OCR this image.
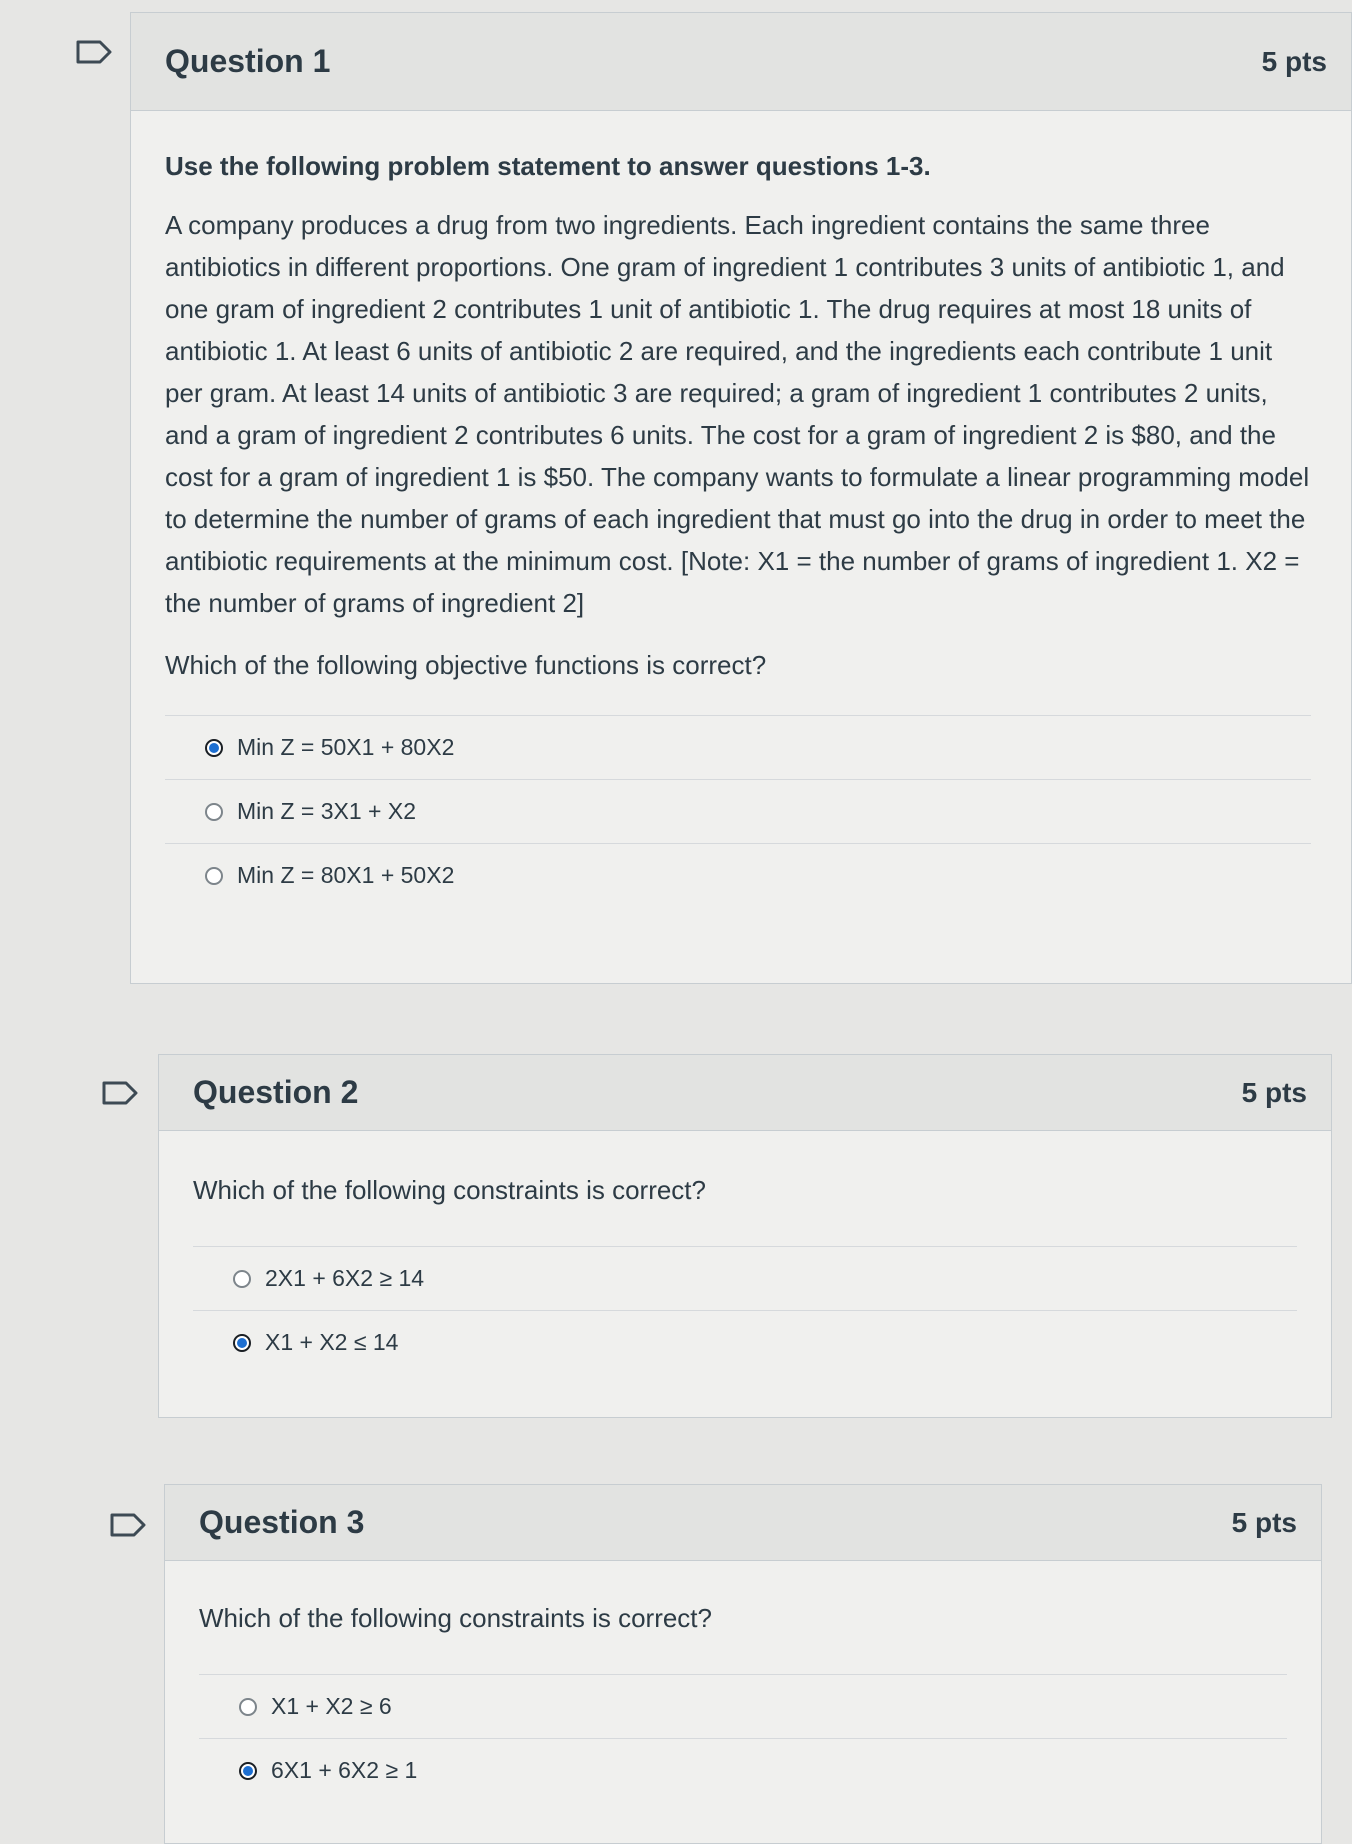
Question 1	5 pts

Use the following problem statement to answer questions 1-3.

A company produces a drug from two ingredients. Each ingredient contains the same three antibiotics in different proportions. One gram of ingredient 1 contributes 3 units of antibiotic 1, and one gram of ingredient 2 contributes 1 unit of antibiotic 1. The drug requires at most 18 units of antibiotic 1. At least 6 units of antibiotic 2 are required, and the ingredients each contribute 1 unit per gram. At least 14 units of antibiotic 3 are required; a gram of ingredient 1 contributes 2 units, and a gram of ingredient 2 contributes 6 units. The cost for a gram of ingredient 2 is $80, and the cost for a gram of ingredient 1 is $50. The company wants to formulate a linear programming model to determine the number of grams of each ingredient that must go into the drug in order to meet the antibiotic requirements at the minimum cost. [Note: X1 = the number of grams of ingredient 1. X2 = the number of grams of ingredient 2]

Which of the following objective functions is correct?

Min Z = 50X1 + 80X2
Min Z = 3X1 + X2
Min Z = 80X1 + 50X2
Question 2	5 pts

Which of the following constraints is correct?

2X1 + 6X2 ≥ 14
X1 + X2 ≤ 14
Question 3	5 pts

Which of the following constraints is correct?

X1 + X2 ≥ 6
6X1 + 6X2 ≥ 1
